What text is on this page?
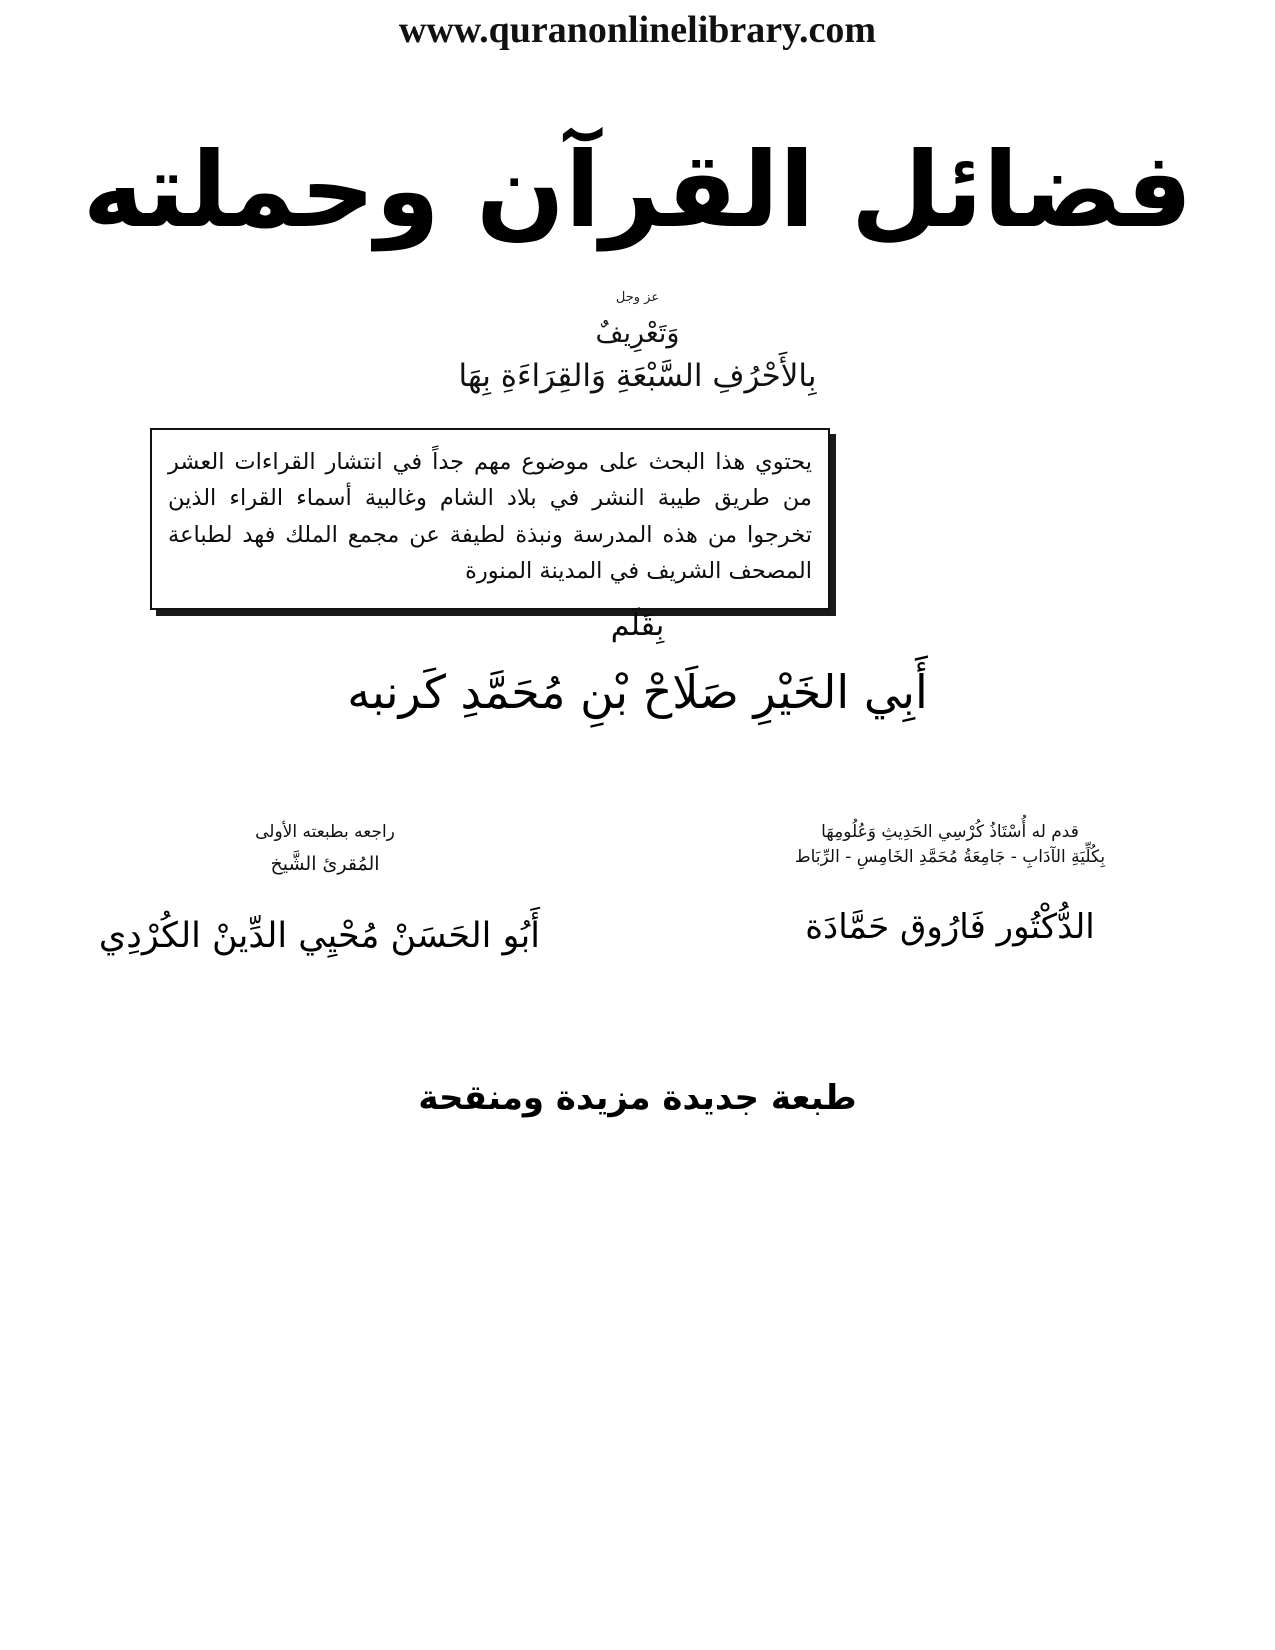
www.quranonlinelibrary.com
فضائل القرآن وحملته
عز وجل
وَتَعْرِيفٌ
بِالأَحْرُفِ السَّبْعَةِ وَالقِرَاءَةِ بِهَا
يحتوي هذا البحث على موضوع مهم جداً في انتشار القراءات العشر من طريق طيبة النشر في بلاد الشام وغالبية أسماء القراء الذين تخرجوا من هذه المدرسة ونبذة لطيفة عن مجمع الملك فهد لطباعة المصحف الشريف في المدينة المنورة
بِقَلَم
أَبِي الخَيْرِ صَلَاحْ بْنِ مُحَمَّدِ كَرنبه
راجعه بطبعته الأولى
المُقرئ الشَّيخ
أَبُو الحَسَنْ مُحْيِي الدِّينْ الكُرْدِي
قدم له أُسْتَاذُ كُرْسِي الحَدِيثِ وَعُلُومِهَا
بِكُلِّيَةِ الآدَابِ - جَامِعَةُ مُحَمَّدِ الخَامِسِ - الرِّبَاط
الدُّكْتُور فَارُوق حَمَّادَة
طبعة جديدة مزيدة ومنقحة
